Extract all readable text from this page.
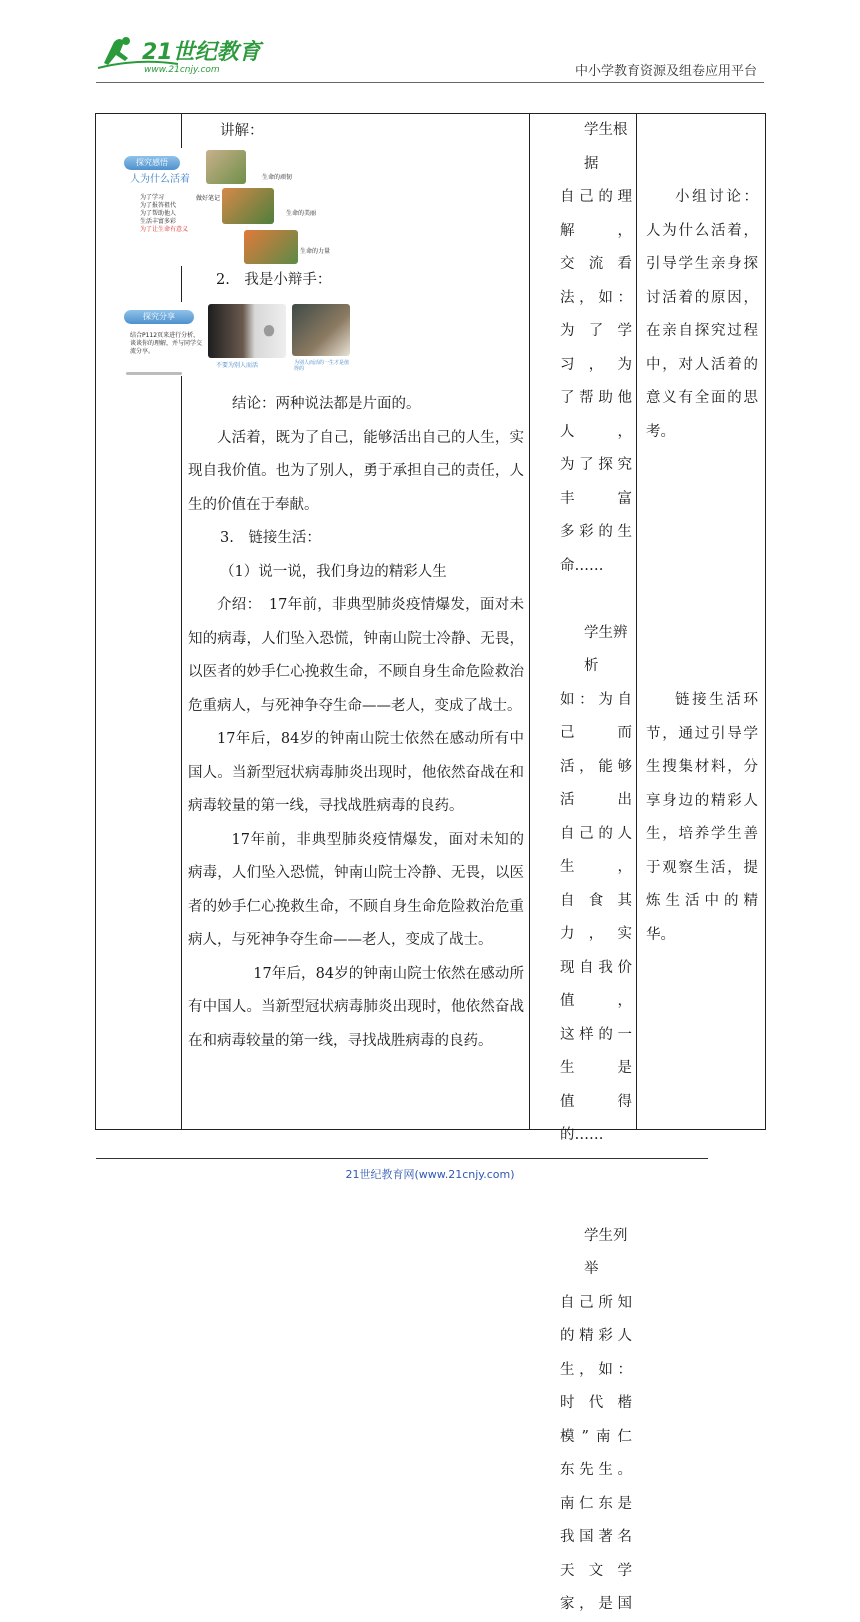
21世纪教育
www.21cnjy.com	中小学教育资源及组卷应用平台

讲解：

2.　我是小辩手：

结论：两种说法都是片面的。

人活着，既为了自己，能够活出自己的人生，实现自我价值。也为了别人，勇于承担自己的责任，人生的价值在于奉献。

3.　链接生活：

（1）说一说，我们身边的精彩人生

介绍：　17年前，非典型肺炎疫情爆发，面对未知的病毒，人们坠入恐慌，钟南山院士冷静、无畏，以医者的妙手仁心挽救生命，不顾自身生命危险救治危重病人，与死神争夺生命——老人，变成了战士。

17年后，84岁的钟南山院士依然在感动所有中国人。当新型冠状病毒肺炎出现时，他依然奋战在和病毒较量的第一线，寻找战胜病毒的良药。

17年前，非典型肺炎疫情爆发，面对未知的病毒，人们坠入恐慌，钟南山院士冷静、无畏，以医者的妙手仁心挽救生命，不顾自身生命危险救治危重病人，与死神争夺生命——老人，变成了战士。

17年后，84岁的钟南山院士依然在感动所有中国人。当新型冠状病毒肺炎出现时，他依然奋战在和病毒较量的第一线，寻找战胜病毒的良药。

学生根据

自己的理解，

交流看法，如：

为了学习，为

了帮助他人，

为了探究丰富

多 彩 的 生

命……

学生辨析

如：为自己而

活，能够活出

自己的人生，

自食其力，实

现自我价值，

这样的一生是

值得的……

学生列举

自己所知

的精彩人

生，如：

时 代 楷

模”南仁

东先生。

南仁东是

我国著名

天 文 学

家，是国

小组讨论：人为什么活着，引导学生亲身探讨活着的原因，在亲自探究过程中，对人活着的意义有全面的思考。

链接生活环节，通过引导学生搜集材料，分享身边的精彩人生，培养学生善于观察生活，提炼生活中的精华。

探究感悟
人为什么活着
为了学习
为了报答祖代
为了帮助他人
生活丰富多彩
为了让生命有意义
做好笔记
生命的顽韧
生命的美丽
生命的力量
探究分享
结合P112页来进行分析，谈谈你的理解，并与同学交流分享。
不要为别人而活	为别人而活的一生才是值得的
21世纪教育网(www.21cnjy.com)
